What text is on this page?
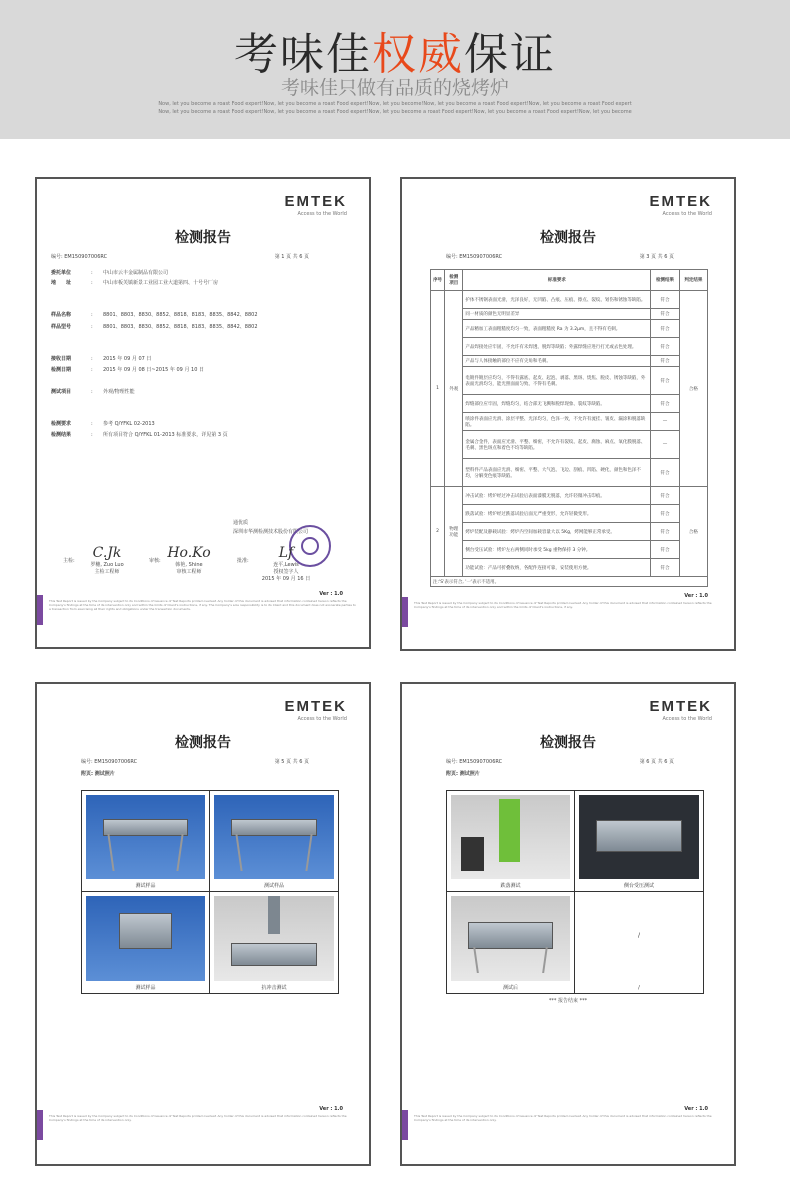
考味佳权威保证
考味佳只做有品质的烧烤炉
Now, let you become a roast Food expert!Now, let you become a roast Food expert!Now, let you become!Now, let you become a roast Food expert!Now, let you become a roast Food expert
Now, let you become a roast Food expert!Now, let you become a roast Food expert!Now, let you become a roast Food expert!Now, let you become a roast Food expert!Now, let you become
EMTEK
Access to the World
检测报告
编号: EM150907006RC	第 1 页 共 6 页
委托单位	: 中山市云丰金属制品有限公司
地　　址	: 中山市板芙镇新景工业园工业大道第四、十号号厂房
样品名称	: 8801、8803、8830、8852、8818、8183、8835、8842、8802
样品型号	: 8801、8803、8830、8852、8818、8183、8835、8842、8802
接收日期	: 2015 年 09 月 07 日
检测日期	: 2015 年 09 月 08 日~2015 年 09 月 10 日
测试项目	: 外观/物理性能
检测要求	: 参考 Q/YFKL 02-2013
检测结果	: 所有项目符合 Q/YFKL 01-2013 标准要求，详见第 3 页
通优质
深圳市华测检测技术股份有限公司
C.Jk
罗穗, Zuo Luo
主检工程师
主检:	Ho.Ko
韩艳, Shine
审核工程师
审核:	Lf
连平,Lewis
授权签字人
2015 年 09 月 16 日
批准:
Ver : 1.0
This Test Report is issued by the Company subject to its Conditions of Issuance of Test Reports printed overleaf. Any holder of this document is advised that information contained hereon reflects the Company's findings at the time of its intervention only and within the limits of Client's instructions, if any. The Company's sole responsibility is to its Client and this document does not exonerate parties to a transaction from exercising all their rights and obligations under the transaction documents.
EMTEK
Access to the World
检测报告
编号: EM150907006RC	第 3 页 共 6 页
序号	检测项目	标准要求	检测结果	判定结果
1	外观	护体不锈钢表面光滑，光泽良好，无凹陷、凸痕、压痕、擦点、裂纹、划伤和锈蚀等缺陷。	符合	合格
		同一材质的颜色无明显差异	符合	
		产品精加工表面粗糙度均匀一致，表面粗糙度 Ra 为 3.2μm，且不得有毛刺。	符合	
		产品焊接处应牢固，不允许有未焊透、脱焊等缺陷；外露焊缝应进行打光或去色处理。	符合	
		产品与人体接触的部位不应有尖角和毛刺。	符合	
		电镀件镀层应均匀，不得有露底、起皮、起泡、剥落、黑斑、烧焦、脱皮、锈蚀等缺陷，外表面光滑均匀，能光照面面匀致、不得有毛刺。	符合	
		焊缝部位应牢固，焊缝均匀，结合部无飞溅和脱焊现象、裂纹等缺陷。	符合	
		喷涂件表面应光滑、涂层平整、光泽均匀，色泽一致，不允许有流挂、皱皮、漏涂和脱落缺陷。	—	
		金属合金件，表面应光滑、平整、细密，不允许有裂纹、起皮、腐蚀、麻点、氧化膜脱落、毛刺、黑色斑点和着色不均等缺陷。	—	
		塑料件产品表面应光滑、细密、平整、大气泡、飞边、刮痕、凹陷、硬化，颜色和色泽不均，分解变色痕等缺陷。	符合	
2	物理功能	冲击试验：烤炉经过冲击试验后表面漆膜无脱落，允许轻微冲击印痕。	符合	合格
		跌落试验：烤炉经过跌落试验后面无严重变形，允许轻微变形。	符合	
		烤炉装配及静载试验：烤炉内空间加载容量大以 5Kg，烤网能够正常承受。	符合	
		侧台受压试验：烤炉左右两侧同时承受 5kg 重物保持 3 分钟。	符合	
		功能试验：产品可折叠收纳，各配件连接可靠，安装使用方便。	符合	
注:'S'表示符合, '一'表示不适用。				
Ver : 1.0
This Test Report is issued by the Company subject to its Conditions of Issuance of Test Reports printed overleaf. Any holder of this document is advised that information contained hereon reflects the Company's findings at the time of its intervention only and within the limits of Client's instructions, if any.
EMTEK
Access to the World
检测报告
编号: EM150907006RC	第 5 页 共 6 页
附页: 测试照片
测试样品	测试样品
测试样品	抗冲击测试
Ver : 1.0
This Test Report is issued by the Company subject to its Conditions of Issuance of Test Reports printed overleaf. Any holder of this document is advised that information contained hereon reflects the Company's findings at the time of its intervention only.
EMTEK
Access to the World
检测报告
编号: EM150907006RC	第 6 页 共 6 页
附页: 测试照片
跌落测试	侧台受压测试
测试后
/
/
*** 报告结束 ***
Ver : 1.0
This Test Report is issued by the Company subject to its Conditions of Issuance of Test Reports printed overleaf. Any holder of this document is advised that information contained hereon reflects the Company's findings at the time of its intervention only.
